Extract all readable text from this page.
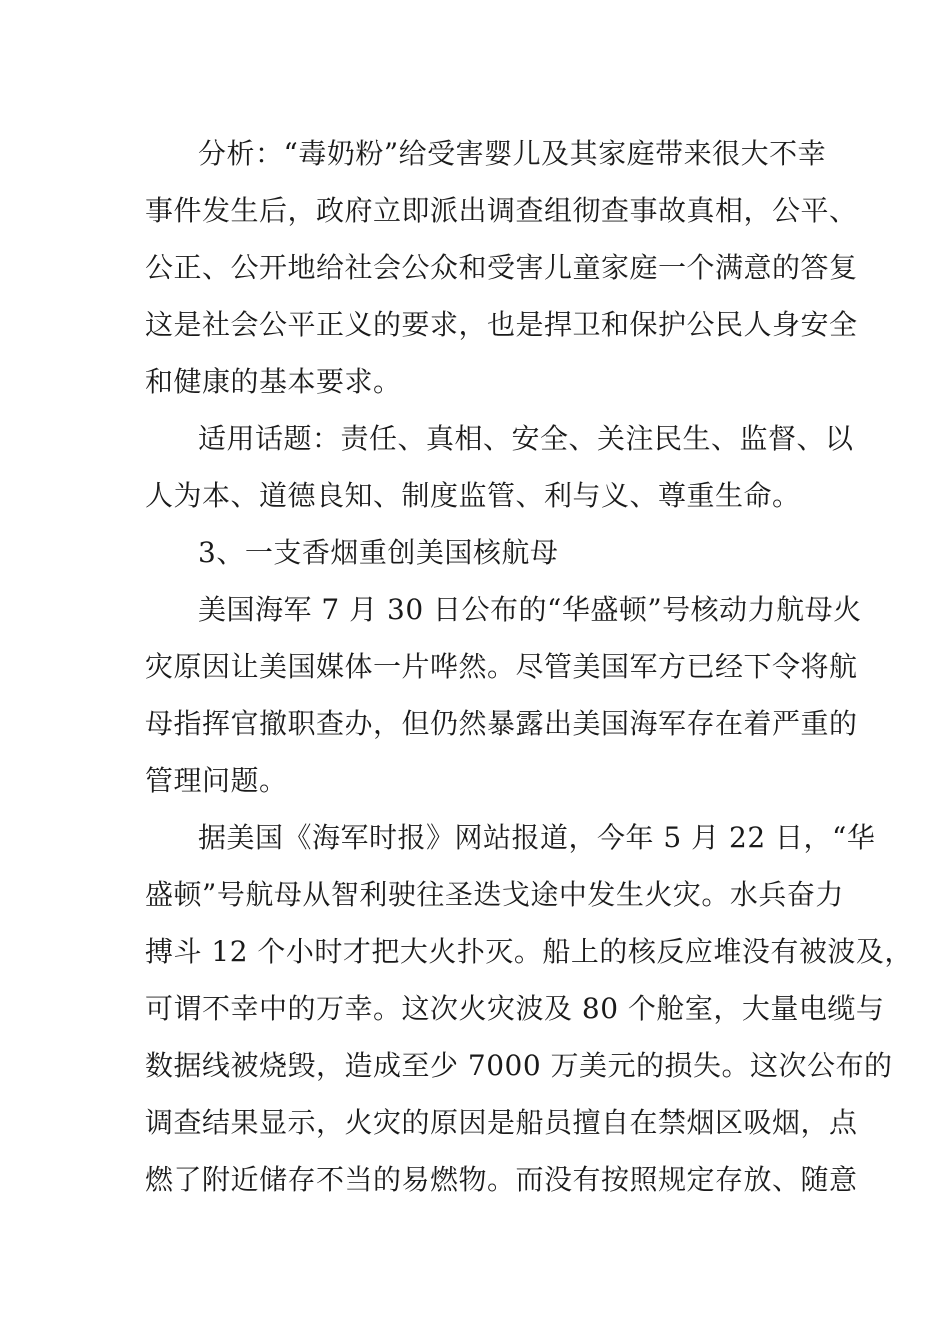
分析：“毒奶粉”给受害婴儿及其家庭带来很大不幸
事件发生后，政府立即派出调查组彻查事故真相，公平、
公正、公开地给社会公众和受害儿童家庭一个满意的答复
这是社会公平正义的要求，也是捍卫和保护公民人身安全
和健康的基本要求。
适用话题：责任、真相、安全、关注民生、监督、以
人为本、道德良知、制度监管、利与义、尊重生命。
3、一支香烟重创美国核航母
美国海军 7 月 30 日公布的“华盛顿”号核动力航母火
灾原因让美国媒体一片哗然。尽管美国军方已经下令将航
母指挥官撤职查办，但仍然暴露出美国海军存在着严重的
管理问题。
据美国《海军时报》网站报道，今年 5 月 22 日，“华
盛顿”号航母从智利驶往圣迭戈途中发生火灾。水兵奋力
搏斗 12 个小时才把大火扑灭。船上的核反应堆没有被波及，
可谓不幸中的万幸。这次火灾波及 80 个舱室，大量电缆与
数据线被烧毁，造成至少 7000 万美元的损失。这次公布的
调查结果显示，火灾的原因是船员擅自在禁烟区吸烟，点
燃了附近储存不当的易燃物。而没有按照规定存放、随意
